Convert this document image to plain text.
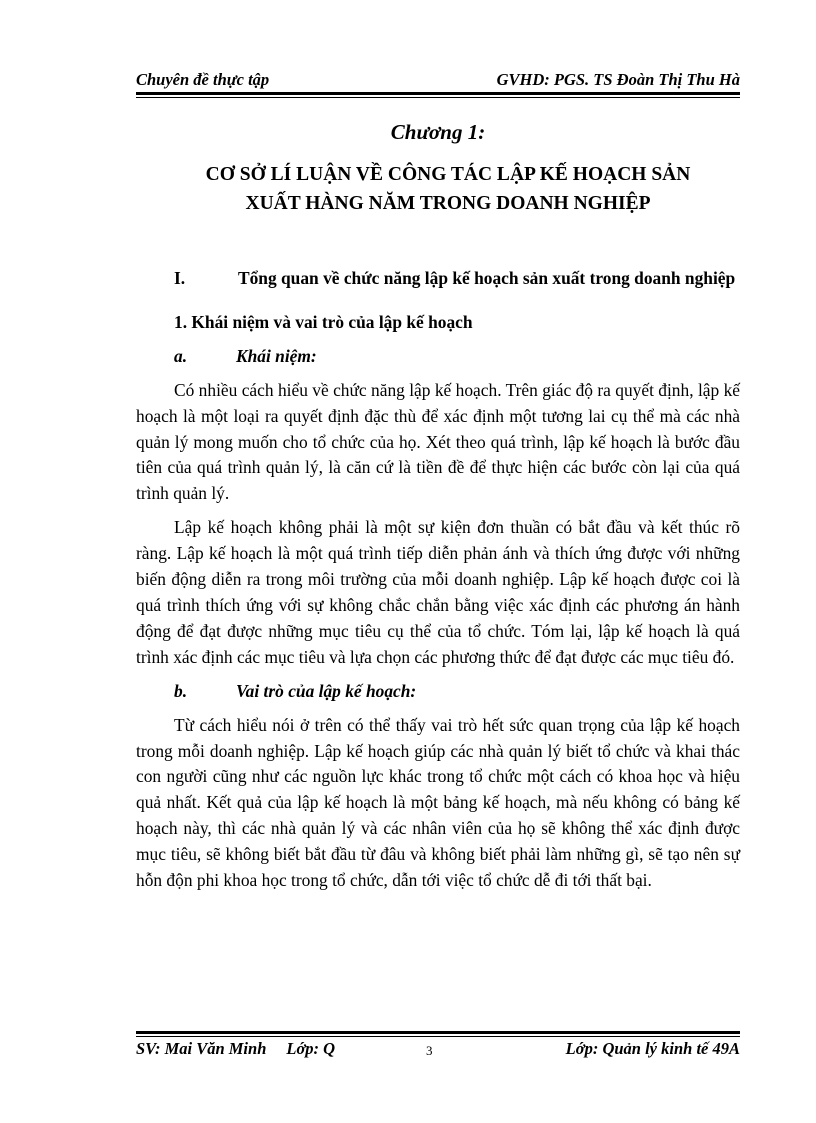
Chuyên đề thực tập	GVHD: PGS. TS Đoàn Thị Thu Hà
Chương 1:
CƠ SỞ LÍ LUẬN VỀ CÔNG TÁC LẬP KẾ HOẠCH SẢN
XUẤT HÀNG NĂM TRONG DOANH NGHIỆP

I.	Tổng quan về chức năng lập kế hoạch sản xuất trong doanh nghiệp

1. Khái niệm và vai trò của lập kế hoạch

a.	Khái niệm:

Có nhiều cách hiểu về chức năng lập kế hoạch. Trên giác độ ra quyết định, lập kế hoạch là một loại ra quyết định đặc thù để xác định một tương lai cụ thể mà các nhà quản lý mong muốn cho tổ chức của họ. Xét theo quá trình, lập kế hoạch là bước đầu tiên của quá trình quản lý, là căn cứ là tiền đề để thực hiện các bước còn lại của quá trình quản lý.

Lập kế hoạch không phải là một sự kiện đơn thuần có bắt đầu và kết thúc rõ ràng. Lập kế hoạch là một quá trình tiếp diễn phản ánh và thích ứng được với những biến động diễn ra trong môi trường của mỗi doanh nghiệp. Lập kế hoạch được coi là quá trình thích ứng với sự không chắc chắn bằng việc xác định các phương án hành động để đạt được những mục tiêu cụ thể của tổ chức. Tóm lại, lập kế hoạch là quá trình xác định các mục tiêu và lựa chọn các phương thức để đạt được các mục tiêu đó.

b.	Vai trò của lập kế hoạch:

Từ cách hiểu nói ở trên có thể thấy vai trò hết sức quan trọng của lập kế hoạch trong mỗi doanh nghiệp. Lập kế hoạch giúp các nhà quản lý biết tổ chức và khai thác con người cũng như các nguồn lực khác trong tổ chức một cách có khoa học và hiệu quả nhất. Kết quả của lập kế hoạch là một bảng kế hoạch, mà nếu không có bảng kế hoạch này, thì các nhà quản lý và các nhân viên của họ sẽ không thể xác định được mục tiêu, sẽ không biết bắt đầu từ đâu và không biết phải làm những gì, sẽ tạo nên sự hỗn độn phi khoa học trong tổ chức, dẫn tới việc tổ chức dễ đi tới thất bại.

SV: Mai Văn Minh Lớp: Q	3	Lớp: Quản lý kinh tế 49A
